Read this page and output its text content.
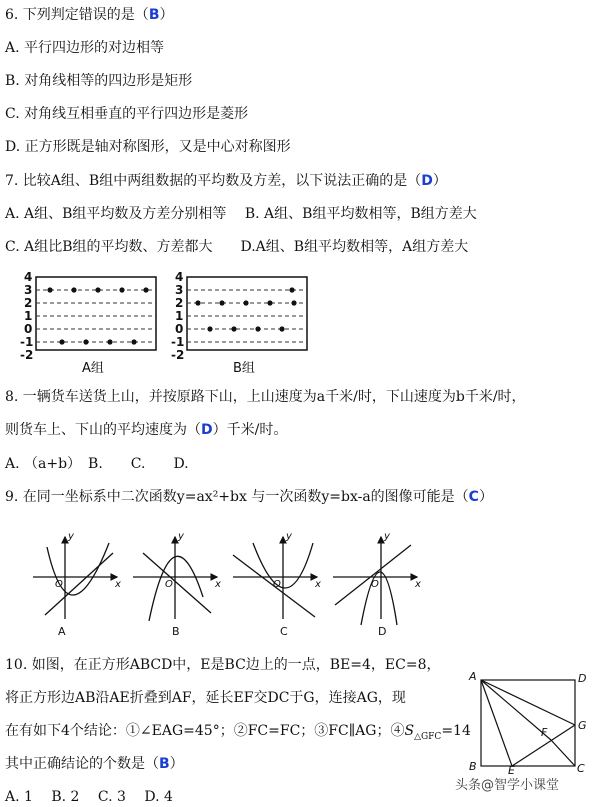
6. 下列判定错误的是（B）
A. 平行四边形的对边相等
B. 对角线相等的四边形是矩形
C. 对角线互相垂直的平行四边形是菱形
D. 正方形既是轴对称图形，又是中心对称图形
7. 比较A组、B组中两组数据的平均数及方差，以下说法正确的是（D）
A. A组、B组平均数及方差分别相等　 B. A组、B组平均数相等，B组方差大
C. A组比B组的平均数、方差都大　　D.A组、B组平均数相等，A组方差大
4
3
2
1
0
-1
-2
4
3
2
1
0
-1
-2
A组	B组
8. 一辆货车送货上山，并按原路下山，上山速度为a千米/时，下山速度为b千米/时，
则货车上、下山的平均速度为（D）千米/时。
A. （a+b）　B.　　C.　　D.
9. 在同一坐标系中二次函数y=ax²+bx 与一次函数y=bx-a的图像可能是（C）
y
x
O
y
x
O
y
x
O
y
x
O
A	B	C	D
10. 如图，在正方形ABCD中，E是BC边上的一点，BE=4，EC=8，
将正方形边AB沿AE折叠到AF，延长EF交DC于G，连接AG，现
在有如下4个结论：①∠EAG=45°；②FC=FC；③FC∥AG；$④S_{\triangle GFC}=14$
其中正确结论的个数是（B）
A. 1　 B. 2　 C. 3　 D. 4
A	D
G
F
B	E	C
头条@智学小课堂
